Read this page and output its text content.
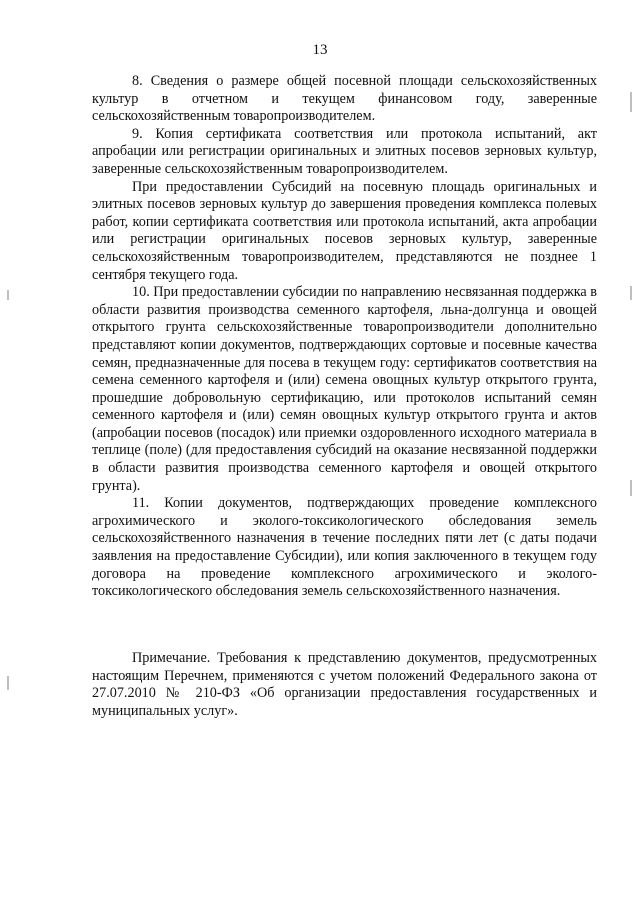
13

8. Сведения о размере общей посевной площади сельскохозяйственных культур в отчетном и текущем финансовом году, заверенные сельскохозяйственным товаропроизводителем.

9. Копия сертификата соответствия или протокола испытаний, акт апробации или регистрации оригинальных и элитных посевов зерновых культур, заверенные сельскохозяйственным товаропроизводителем.

При предоставлении Субсидий на посевную площадь оригинальных и элитных посевов зерновых культур до завершения проведения комплекса полевых работ, копии сертификата соответствия или протокола испытаний, акта апробации или регистрации оригинальных посевов зерновых культур, заверенные сельскохозяйственным товаропроизводителем, представляются не позднее 1 сентября текущего года.

10. При предоставлении субсидии по направлению несвязанная поддержка в области развития производства семенного картофеля, льна-долгунца и овощей открытого грунта сельскохозяйственные товаропроизводители дополнительно представляют копии документов, подтверждающих сортовые и посевные качества семян, предназначенные для посева в текущем году: сертификатов соответствия на семена семенного картофеля и (или) семена овощных культур открытого грунта, прошедшие добровольную сертификацию, или протоколов испытаний семян семенного картофеля и (или) семян овощных культур открытого грунта и актов (апробации посевов (посадок) или приемки оздоровленного исходного материала в теплице (поле) (для предоставления субсидий на оказание несвязанной поддержки в области развития производства семенного картофеля и овощей открытого грунта).

11. Копии документов, подтверждающих проведение комплексного агрохимического и эколого-токсикологического обследования земель сельскохозяйственного назначения в течение последних пяти лет (с даты подачи заявления на предоставление Субсидии), или копия заключенного в текущем году договора на проведение комплексного агрохимического и эколого-токсикологического обследования земель сельскохозяйственного назначения.

Примечание. Требования к представлению документов, предусмотренных настоящим Перечнем, применяются с учетом положений Федерального закона от 27.07.2010 № 210-ФЗ «Об организации предоставления государственных и муниципальных услуг».
